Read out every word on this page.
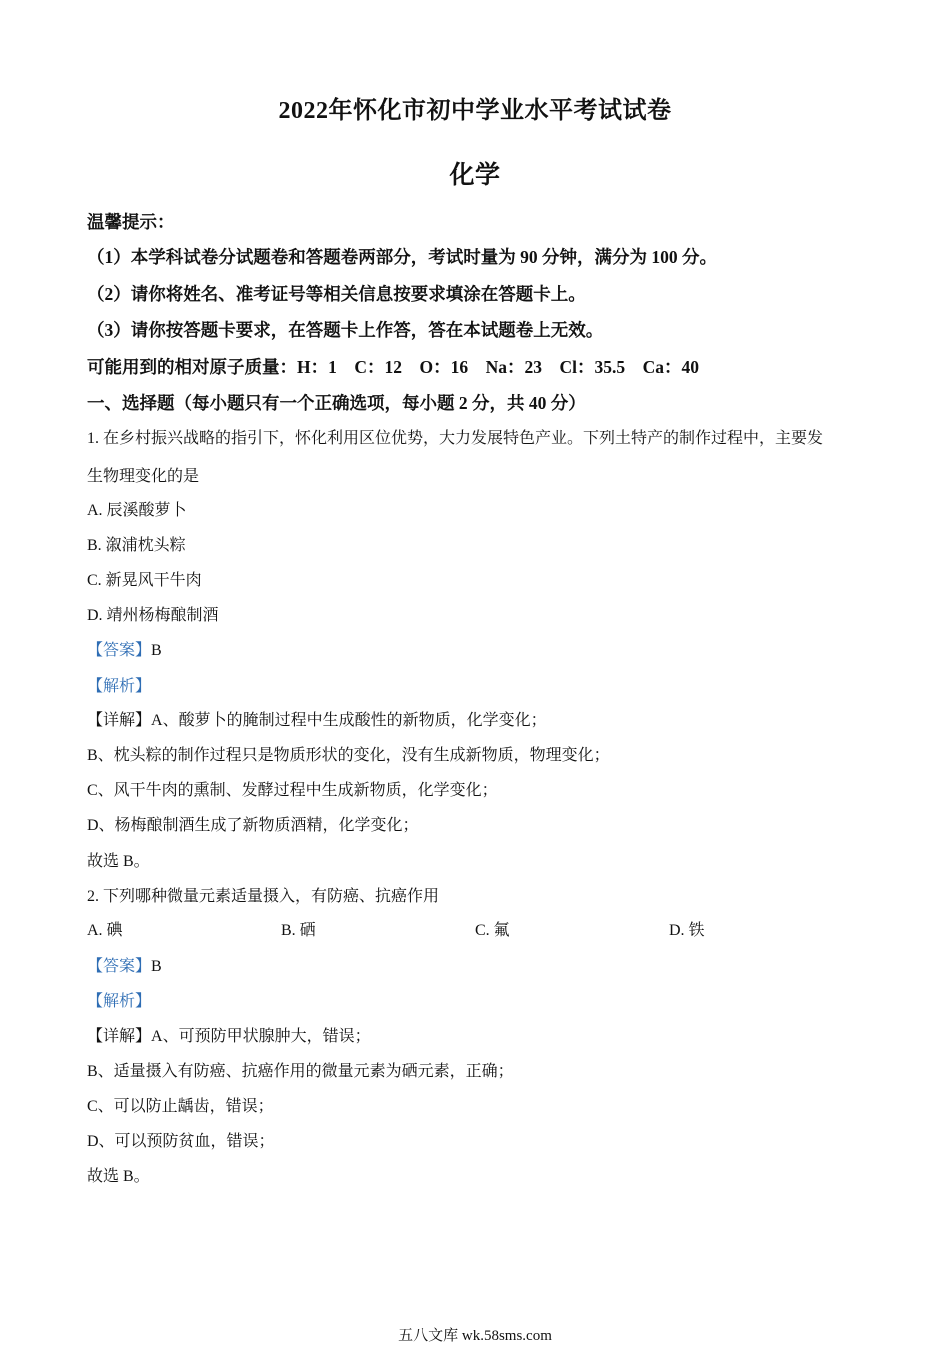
2022年怀化市初中学业水平考试试卷
化学
温馨提示：
（1）本学科试卷分试题卷和答题卷两部分，考试时量为 90 分钟，满分为 100 分。
（2）请你将姓名、准考证号等相关信息按要求填涂在答题卡上。
（3）请你按答题卡要求，在答题卡上作答，答在本试题卷上无效。
可能用到的相对原子质量：H：1    C：12    O：16    Na：23    Cl：35.5    Ca：40
一、选择题（每小题只有一个正确选项，每小题 2 分，共 40 分）
1. 在乡村振兴战略的指引下，怀化利用区位优势，大力发展特色产业。下列土特产的制作过程中，主要发
生物理变化的是
A. 辰溪酸萝卜
B. 溆浦枕头粽
C. 新晃风干牛肉
D. 靖州杨梅酿制酒
【答案】B
【解析】
【详解】A、酸萝卜的腌制过程中生成酸性的新物质，化学变化；
B、枕头粽的制作过程只是物质形状的变化，没有生成新物质，物理变化；
C、风干牛肉的熏制、发酵过程中生成新物质，化学变化；
D、杨梅酿制酒生成了新物质酒精，化学变化；
故选 B。
2. 下列哪种微量元素适量摄入，有防癌、抗癌作用
A. 碘	B. 硒	C. 氟	D. 铁
【答案】B
【解析】
【详解】A、可预防甲状腺肿大，错误；
B、适量摄入有防癌、抗癌作用的微量元素为硒元素，正确；
C、可以防止龋齿，错误；
D、可以预防贫血，错误；
故选 B。
五八文库 wk.58sms.com
